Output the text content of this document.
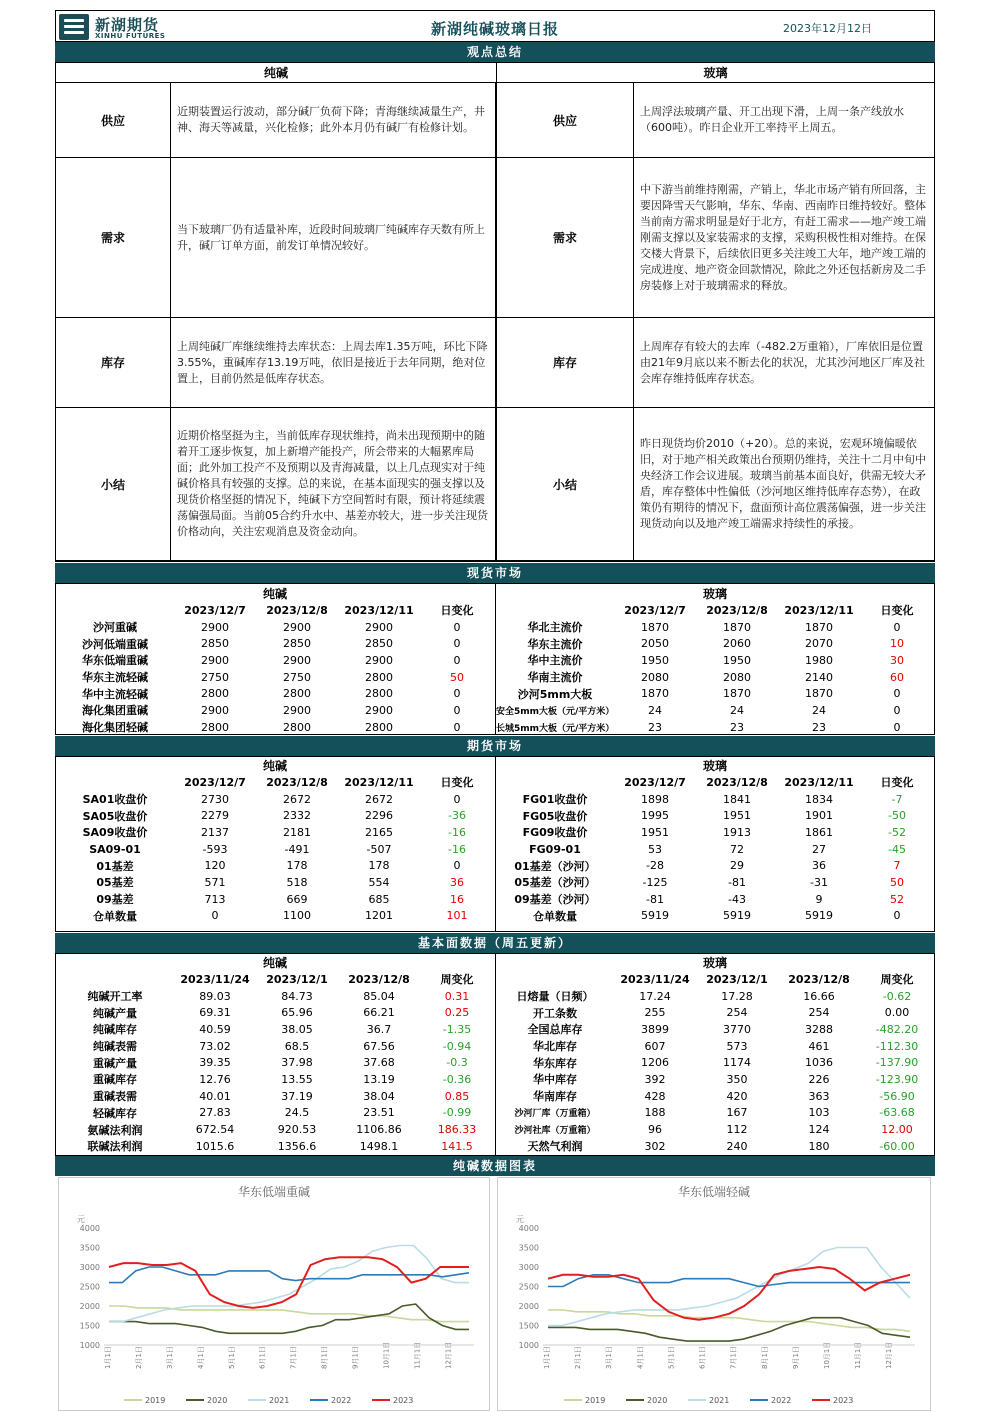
新湖期货
XINHU FUTURES	新湖纯碱玻璃日报	2023年12月12日
观点总结
纯碱	玻璃
供应
近期装置运行波动，部分碱厂负荷下降；青海继续减量生产，井神、海天等减量，兴化检修；此外本月仍有碱厂有检修计划。
需求
当下玻璃厂仍有适量补库，近段时间玻璃厂纯碱库存天数有所上升，碱厂订单方面，前发订单情况较好。
库存
上周纯碱厂库继续维持去库状态：上周去库1.35万吨，环比下降3.55%，重碱库存13.19万吨，依旧是接近于去年同期，绝对位置上，目前仍然是低库存状态。
小结
近期价格坚挺为主，当前低库存现状维持，尚未出现预期中的随着开工逐步恢复，加上新增产能投产，所会带来的大幅累库局面；此外加工投产不及预期以及青海减量，以上几点现实对于纯碱价格具有较强的支撑。总的来说，在基本面现实的强支撑以及现货价格坚挺的情况下，纯碱下方空间暂时有限，预计将延续震荡偏强局面。当前05合约升水中、基差亦较大，进一步关注现货价格动向，关注宏观消息及资金动向。
供应
上周浮法玻璃产量、开工出现下滑，上周一条产线放水（600吨）。昨日企业开工率持平上周五。
需求
中下游当前维持刚需，产销上，华北市场产销有所回落，主要因降雪天气影响，华东、华南、西南昨日维持较好。整体当前南方需求明显是好于北方，有赶工需求——地产竣工端刚需支撑以及家装需求的支撑，采购积极性相对维持。在保交楼大背景下，后续依旧更多关注竣工大年，地产竣工端的完成进度、地产资金回款情况，除此之外还包括新房及二手房装修上对于玻璃需求的释放。
库存
上周库存有较大的去库（-482.2万重箱），厂库依旧是位置由21年9月底以来不断去化的状况，尤其沙河地区厂库及社会库存维持低库存状态。
小结
昨日现货均价2010（+20）。总的来说，宏观环境偏暖依旧，对于地产相关政策出台预期仍维持，关注十二月中旬中央经济工作会议进展。玻璃当前基本面良好，供需无较大矛盾，库存整体中性偏低（沙河地区维持低库存态势），在政策仍有期待的情况下，盘面预计高位震荡偏强，进一步关注现货动向以及地产竣工端需求持续性的承接。
现货市场
纯碱				
	2023/12/7	2023/12/8	2023/12/11	日变化
沙河重碱	2900	2900	2900	0
沙河低端重碱	2850	2850	2850	0
华东低端重碱	2900	2900	2900	0
华东主流轻碱	2750	2750	2800	50
华中主流轻碱	2800	2800	2800	0
海化集团重碱	2900	2900	2900	0
海化集团轻碱	2800	2800	2800	0
玻璃				
	2023/12/7	2023/12/8	2023/12/11	日变化
华北主流价	1870	1870	1870	0
华东主流价	2050	2060	2070	10
华中主流价	1950	1950	1980	30
华南主流价	2080	2080	2140	60
沙河5mm大板	1870	1870	1870	0
安全5mm大板（元/平方米）	24	24	24	0
长城5mm大板（元/平方米）	23	23	23	0
期货市场
纯碱				
	2023/12/7	2023/12/8	2023/12/11	日变化
SA01收盘价	2730	2672	2672	0
SA05收盘价	2279	2332	2296	-36
SA09收盘价	2137	2181	2165	-16
SA09-01	-593	-491	-507	-16
01基差	120	178	178	0
05基差	571	518	554	36
09基差	713	669	685	16
仓单数量	0	1100	1201	101
玻璃				
	2023/12/7	2023/12/8	2023/12/11	日变化
FG01收盘价	1898	1841	1834	-7
FG05收盘价	1995	1951	1901	-50
FG09收盘价	1951	1913	1861	-52
FG09-01	53	72	27	-45
01基差（沙河）	-28	29	36	7
05基差（沙河）	-125	-81	-31	50
09基差（沙河）	-81	-43	9	52
仓单数量	5919	5919	5919	0
基本面数据（周五更新）
纯碱				
	2023/11/24	2023/12/1	2023/12/8	周变化
纯碱开工率	89.03	84.73	85.04	0.31
纯碱产量	69.31	65.96	66.21	0.25
纯碱库存	40.59	38.05	36.7	-1.35
纯碱表需	73.02	68.5	67.56	-0.94
重碱产量	39.35	37.98	37.68	-0.3
重碱库存	12.76	13.55	13.19	-0.36
重碱表需	40.01	37.19	38.04	0.85
轻碱库存	27.83	24.5	23.51	-0.99
氨碱法利润	672.54	920.53	1106.86	186.33
联碱法利润	1015.6	1356.6	1498.1	141.5
玻璃				
	2023/11/24	2023/12/1	2023/12/8	周变化
日熔量（日频）	17.24	17.28	16.66	-0.62
开工条数	255	254	254	0.00
全国总库存	3899	3770	3288	-482.20
华北库存	607	573	461	-112.30
华东库存	1206	1174	1036	-137.90
华中库存	392	350	226	-123.90
华南库存	428	420	363	-56.90
沙河厂库（万重箱）	188	167	103	-63.68
沙河社库（万重箱）	96	112	124	12.00
天然气利润	302	240	180	-60.00
纯碱数据图表
华东低端重碱
元
4000
3500
3000
2500
2000
1500
1000
1月1日	2月1日	3月1日	4月1日	5月1日	6月1日	7月1日	8月1日	9月1日	10月1日	11月1日	12月1日
2019	2020	2021	2022	2023
华东低端轻碱
元
4000
3500
3000
2500
2000
1500
1000
1月1日	2月1日	3月1日	4月1日	5月1日	6月1日	7月1日	8月1日	9月1日	10月1日	11月1日	12月1日
2019	2020	2021	2022	2023
